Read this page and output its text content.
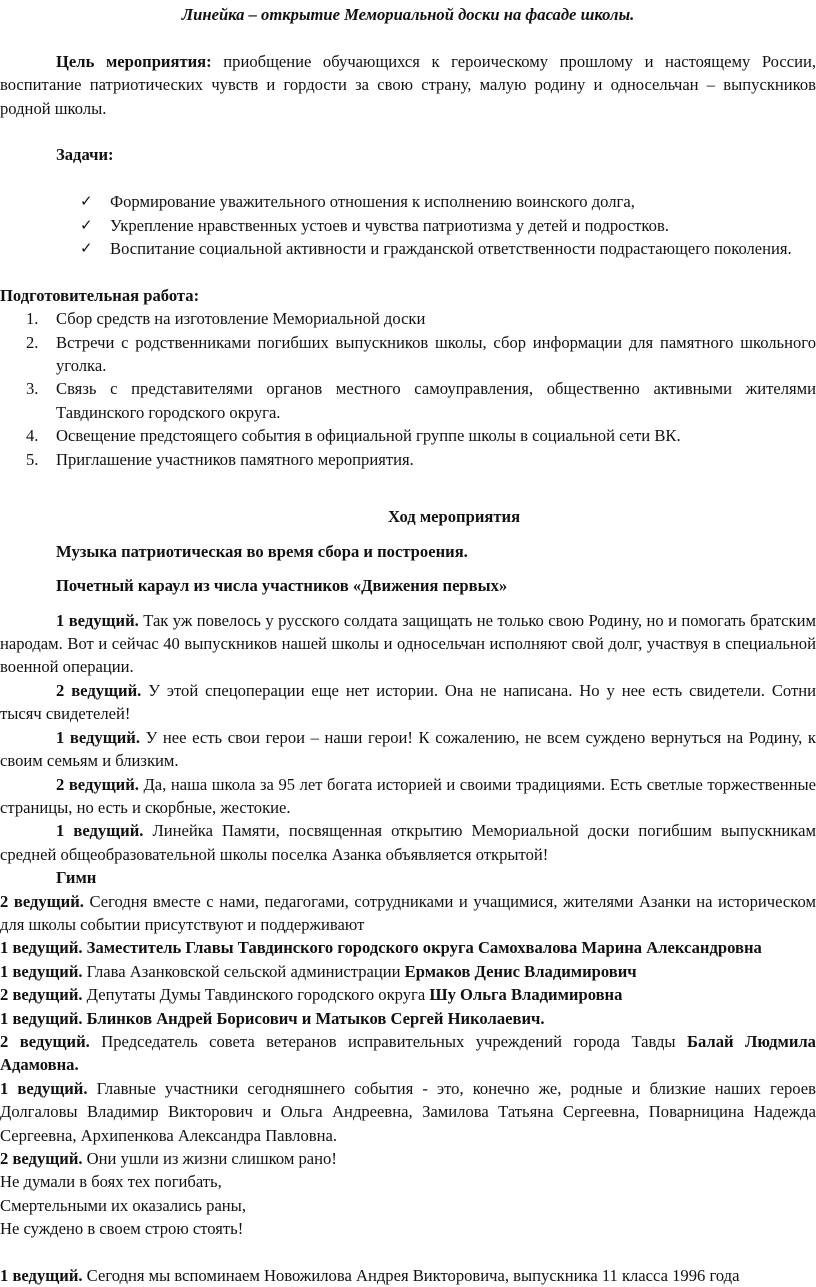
Линейка – открытие Мемориальной доски на фасаде школы.

Цель мероприятия: приобщение обучающихся к героическому прошлому и настоящему России, воспитание патриотических чувств и гордости за свою страну, малую родину и односельчан – выпускников родной школы.

Задачи:

✓ Формирование уважительного отношения к исполнению воинского долга,
✓ Укрепление нравственных устоев и чувства патриотизма у детей и подростков.
✓ Воспитание социальной активности и гражданской ответственности подрастающего поколения.

Подготовительная работа:

1. Сбор средств на изготовление Мемориальной доски
2. Встречи с родственниками погибших выпускников школы, сбор информации для памятного школьного уголка.
3. Связь с представителями органов местного самоуправления, общественно активными жителями Тавдинского городского округа.
4. Освещение предстоящего события в официальной группе школы в социальной сети ВК.
5. Приглашение участников памятного мероприятия.

Ход мероприятия

Музыка патриотическая во время сбора и построения.

Почетный караул из числа участников «Движения первых»

1 ведущий. Так уж повелось у русского солдата защищать не только свою Родину, но и помогать братским народам. Вот и сейчас 40 выпускников нашей школы и односельчан исполняют свой долг, участвуя в специальной военной операции.

2 ведущий. У этой спецоперации еще нет истории. Она не написана. Но у нее есть свидетели. Сотни тысяч свидетелей!

1 ведущий. У нее есть свои герои – наши герои! К сожалению, не всем суждено вернуться на Родину, к своим семьям и близким.

2 ведущий. Да, наша школа за 95 лет богата историей и своими традициями. Есть светлые торжественные страницы, но есть и скорбные, жестокие.

1 ведущий. Линейка Памяти, посвященная открытию Мемориальной доски погибшим выпускникам средней общеобразовательной школы поселка Азанка объявляется открытой!

Гимн

2 ведущий. Сегодня вместе с нами, педагогами, сотрудниками и учащимися, жителями Азанки на историческом для школы событии присутствуют и поддерживают

1 ведущий. Заместитель Главы Тавдинского городского округа Самохвалова Марина Александровна

1 ведущий. Глава Азанковской сельской администрации Ермаков Денис Владимирович

2 ведущий. Депутаты Думы Тавдинского городского округа Шу Ольга Владимировна

1 ведущий. Блинков Андрей Борисович и Матыков Сергей Николаевич.

2 ведущий. Председатель совета ветеранов исправительных учреждений города Тавды Балай Людмила Адамовна.

1 ведущий. Главные участники сегодняшнего события - это, конечно же, родные и близкие наших героев Долгаловы Владимир Викторович и Ольга Андреевна, Замилова Татьяна Сергеевна, Поварницина Надежда Сергеевна, Архипенкова Александра Павловна.

2 ведущий. Они ушли из жизни слишком рано!

Не думали в боях тех погибать,

Смертельными их оказались раны,

Не суждено в своем строю стоять!

1 ведущий. Сегодня мы вспоминаем Новожилова Андрея Викторовича, выпускника 11 класса 1996 года
